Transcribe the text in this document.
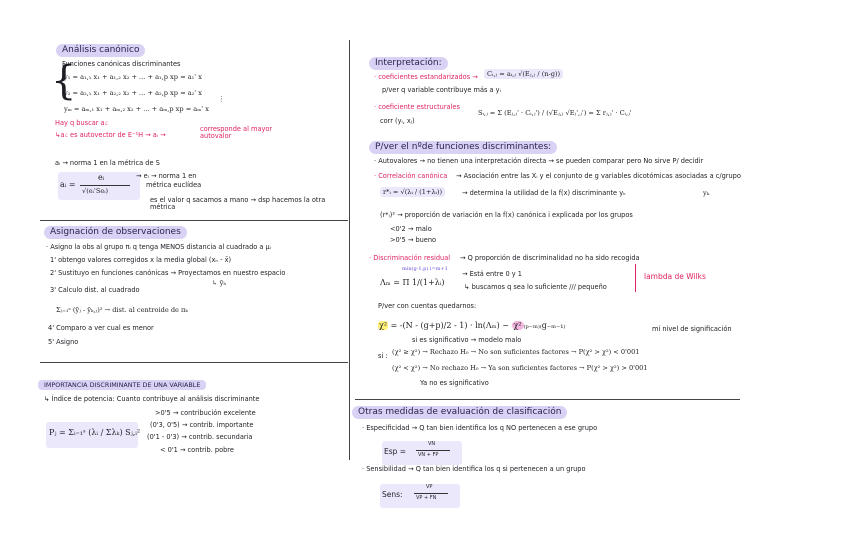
Análisis canónico
Funciones canónicas discriminantes
{
y₁ = a₁,₁ x₁ + a₁,₂ x₂ + ... + a₁,p xp = a₁' x
y₂ = a₂,₁ x₁ + a₂,₂ x₂ + ... + a₂,p xp = a₂' x
⋮
yₘ = aₘ,₁ x₁ + aₘ,₂ x₂ + ... + aₘ,p xp = aₘ' x
Hay q buscar aᵢ:
↳aᵢ: es autovector de E⁻¹H → aᵢ →
corresponde al mayor autovalor
aᵢ → norma 1 en la métrica de S
aᵢ =
eᵢ
√(eᵢ'Seᵢ)
→ eᵢ → norma 1 en
métrica euclídea
es el valor q sacamos a mano → dsp hacemos la otra métrica
Asignación de observaciones
· Asigno la obs al grupo πᵢ q tenga MENOS distancia al cuadrado a μᵢ
1' obtengo valores corregidos x la media global (xₕ - x̄)
2' Sustituyo en funciones canónicas → Proyectamos en nuestro espacio
↳ ỹₕ
3' Calculo dist. al cuadrado
Σⱼ₌₁ˢ (ỹⱼ - ȳₖ,ⱼ)² → dist. al centroide de πₖ
4' Comparo a ver cual es menor
5' Asigno
IMPORTANCIA DISCRIMINANTE DE UNA VARIABLE
↳ Índice de potencia: Cuanto contribuye al análisis discriminante
Pⱼ = Σᵢ₌₁ˢ (λᵢ / Σλₖ) Sⱼ,ᵢ²
>0'5 → contribución excelente
(0'3, 0'5) → contrib. importante
(0'1 - 0'3) → contrib. secundaria
< 0'1 → contrib. pobre
Interpretación:
· coeficientes estandarizados →	Cᵢ,ⱼ = aᵢ,ⱼ √(Eⱼ,ⱼ / (n-g))
p/ver q variable contribuye más a yᵢ
· coeficiente estructurales
corr (yᵢ, xⱼ)
Sᵢ,ⱼ = Σ (Eⱼ,ⱼ' · Cᵢ,ⱼ') / (√Eⱼ,ⱼ √Eⱼ',ⱼ') = Σ rⱼ,ⱼ' · Cᵢ,ⱼ'
P/ver el nºde funciones discriminantes:
· Autovalores → no tienen una interpretación directa → se pueden comparar pero No sirve P/ decidir
· Correlación canónica → Asociación entre las Xᵢ y el conjunto de g variables dicotómicas asociadas a c/grupo
yₖ
r*ᵢ = √(λᵢ / (1+λᵢ))	→ determina la utilidad de la f(x) discriminante yₖ
(r*ᵢ)² → proporción de variación en la f(x) canónica i explicada por los grupos
<0'2 → malo
>0'5 → bueno
· Discriminación residual → Q proporción de discriminalidad no ha sido recogida
min(g-1,p) i=m+1
Λₘ = Π 1/(1+λᵢ)
→ Está entre 0 y 1
↳ buscamos q sea lo suficiente /// pequeño
lambda de Wilks
P/ver con cuentas quedarnos:
χ² = -(N - (g+p)/2 - 1) · ln(Λₘ) ~ χ² ₍ₚ₋ₘ₎₍g₋ₘ₋₁₎
si es significativo → modelo malo
mi nivel de significación
si : (χ² ≥ χ²) → Rechazo H₀ → No son suficientes factores → P(χ² > χ²) < 0'001
(χ² < χ²) → No rechazo H₀ → Ya son suficientes factores → P(χ² > χ²) > 0'001
Ya no es significativo
Otras medidas de evaluación de clasificación
· Especificidad → Q tan bien identifica los q NO pertenecen a ese grupo
Esp =
VN
VN + FP
· Sensibilidad → Q tan bien identifica los q si pertenecen a un grupo
Sens:
VP
VP + FN
